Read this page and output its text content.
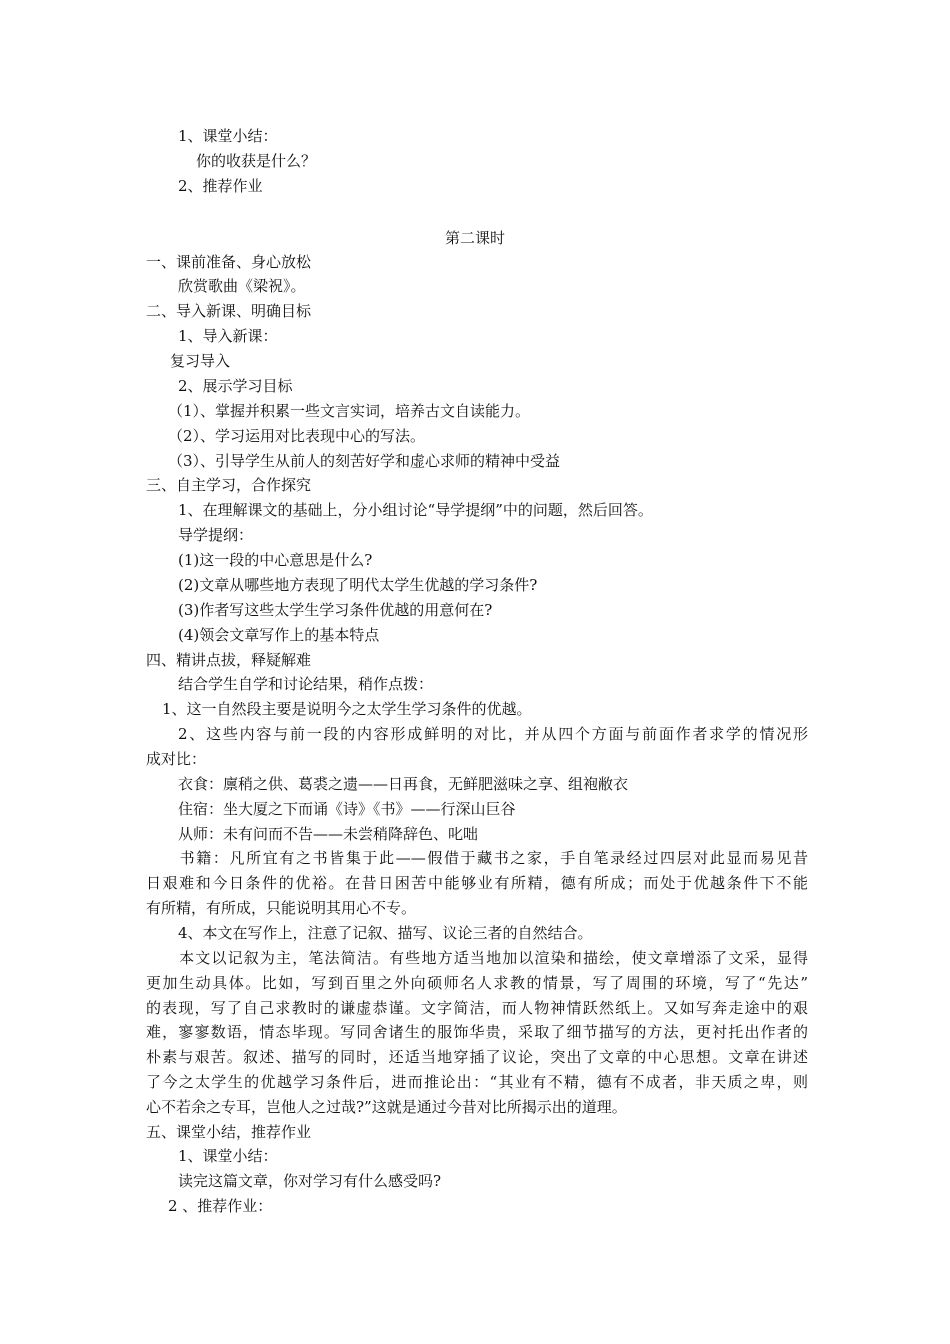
1、课堂小结：
你的收获是什么？
2、推荐作业
第二课时
一、课前准备、身心放松
欣赏歌曲《梁祝》。
二、导入新课、明确目标
1、导入新课：
复习导入
2、展示学习目标
（1）、掌握并积累一些文言实词，培养古文自读能力。
（2）、学习运用对比表现中心的写法。
（3）、引导学生从前人的刻苦好学和虚心求师的精神中受益
三、自主学习，合作探究
1、在理解课文的基础上，分小组讨论“导学提纲”中的问题，然后回答。
导学提纲：
(1)这一段的中心意思是什么?
(2)文章从哪些地方表现了明代太学生优越的学习条件?
(3)作者写这些太学生学习条件优越的用意何在?
(4)领会文章写作上的基本特点
四、精讲点拔，释疑解难
结合学生自学和讨论结果，稍作点拨：
1、这一自然段主要是说明今之太学生学习条件的优越。
2、这些内容与前一段的内容形成鲜明的对比，并从四个方面与前面作者求学的情况形
成对比：
衣食：廪稍之供、葛裘之遗——日再食，无鲜肥滋味之享、组袍敝衣
住宿：坐大厦之下而诵《诗》《书》——行深山巨谷
从师：未有问而不告——未尝稍降辞色、叱咄
书籍：凡所宜有之书皆集于此——假借于藏书之家，手自笔录经过四层对此显而易见昔
日艰难和今日条件的优裕。在昔日困苦中能够业有所精，德有所成；而处于优越条件下不能
有所精，有所成，只能说明其用心不专。
4、本文在写作上，注意了记叙、描写、议论三者的自然结合。
本文以记叙为主，笔法简洁。有些地方适当地加以渲染和描绘，使文章增添了文采，显得
更加生动具体。比如，写到百里之外向硕师名人求教的情景，写了周围的环境，写了“先达”
的表现，写了自己求教时的谦虚恭谨。文字简洁，而人物神情跃然纸上。又如写奔走途中的艰
难，寥寥数语，情态毕现。写同舍诸生的服饰华贵，采取了细节描写的方法，更衬托出作者的
朴素与艰苦。叙述、描写的同时，还适当地穿插了议论，突出了文章的中心思想。文章在讲述
了今之太学生的优越学习条件后，进而推论出：“其业有不精，德有不成者，非天质之卑，则
心不若余之专耳，岂他人之过哉?”这就是通过今昔对比所揭示出的道理。
五、课堂小结，推荐作业
1、课堂小结：
读完这篇文章，你对学习有什么感受吗?
2 、推荐作业：
